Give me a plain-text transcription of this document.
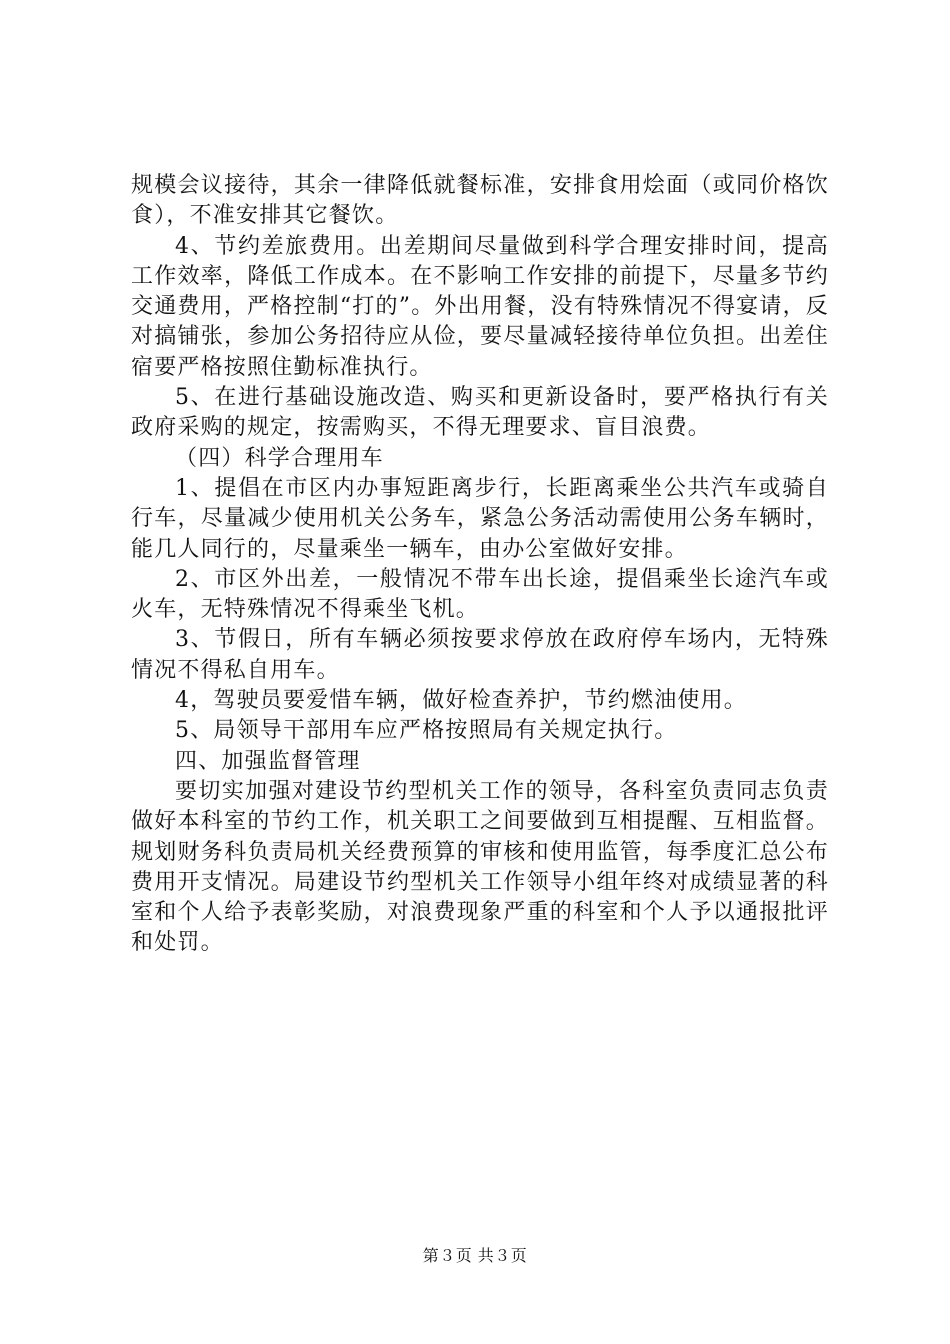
规模会议接待，其余一律降低就餐标准，安排食用烩面（或同价格饮食），不准安排其它餐饮。

4、节约差旅费用。出差期间尽量做到科学合理安排时间，提高工作效率，降低工作成本。在不影响工作安排的前提下，尽量多节约交通费用，严格控制“打的”。外出用餐，没有特殊情况不得宴请，反对搞铺张，参加公务招待应从俭，要尽量减轻接待单位负担。出差住宿要严格按照住勤标准执行。

5、在进行基础设施改造、购买和更新设备时，要严格执行有关政府采购的规定，按需购买，不得无理要求、盲目浪费。

（四）科学合理用车

1、提倡在市区内办事短距离步行，长距离乘坐公共汽车或骑自行车，尽量减少使用机关公务车，紧急公务活动需使用公务车辆时，能几人同行的，尽量乘坐一辆车，由办公室做好安排。

2、市区外出差，一般情况不带车出长途，提倡乘坐长途汽车或火车，无特殊情况不得乘坐飞机。

3、节假日，所有车辆必须按要求停放在政府停车场内，无特殊情况不得私自用车。

4，驾驶员要爱惜车辆，做好检查养护，节约燃油使用。

5、局领导干部用车应严格按照局有关规定执行。

四、加强监督管理

要切实加强对建设节约型机关工作的领导，各科室负责同志负责做好本科室的节约工作，机关职工之间要做到互相提醒、互相监督。规划财务科负责局机关经费预算的审核和使用监管，每季度汇总公布费用开支情况。局建设节约型机关工作领导小组年终对成绩显著的科室和个人给予表彰奖励，对浪费现象严重的科室和个人予以通报批评和处罚。

第３页 共３页
